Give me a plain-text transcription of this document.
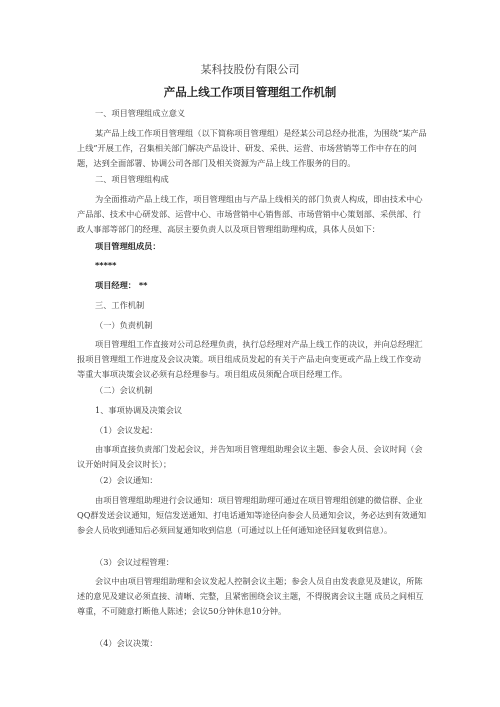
某科技股份有限公司
产品上线工作项目管理组工作机制

一、项目管理组成立意义

某产品上线工作项目管理组（以下简称项目管理组）是经某公司总经办批准，为围绕“某产品上线”开展工作，召集相关部门解决产品设计、研发、采供、运营、市场营销等工作中存在的问题，达到全面部署、协调公司各部门及相关资源为产品上线工作服务的目的。

二、项目管理组构成

为全面推动产品上线工作，项目管理组由与产品上线相关的部门负责人构成，即由技术中心产品部、技术中心研发部、运营中心、市场营销中心销售部、市场营销中心策划部、采供部、行政人事部等部门的经理、高层主要负责人以及项目管理组助理构成，具体人员如下：

项目管理组成员：

*****

项目经理： **

三、工作机制

（一）负责机制

项目管理组工作直接对公司总经理负责，执行总经理对产品上线工作的决议，并向总经理汇报项目管理组工作进度及会议决策。项目组成员发起的有关于产品走向变更或产品上线工作变动等重大事项决策会议必须有总经理参与。项目组成员须配合项目经理工作。

（二）会议机制

1、事项协调及决策会议

（1）会议发起：

由事项直接负责部门发起会议，并告知项目管理组助理会议主题、参会人员、会议时间（会议开始时间及会议时长）；

（2）会议通知：

由项目管理组助理进行会议通知：项目管理组助理可通过在项目管理组创建的微信群、企业QQ群发送会议通知，短信发送通知、打电话通知等途径向参会人员通知会议，务必达到有效通知 参会人员收到通知后必须回复通知收到信息（可通过以上任何通知途径回复收到信息）。

（3）会议过程管理：

会议中由项目管理组助理和会议发起人控制会议主题；参会人员自由发表意见及建议，所陈述的意见及建议必须直接、清晰、完整，且紧密围绕会议主题，不得脱离会议主题 成员之间相互尊重，不可随意打断他人陈述；会议50分钟休息10分钟。

（4）会议决策：
